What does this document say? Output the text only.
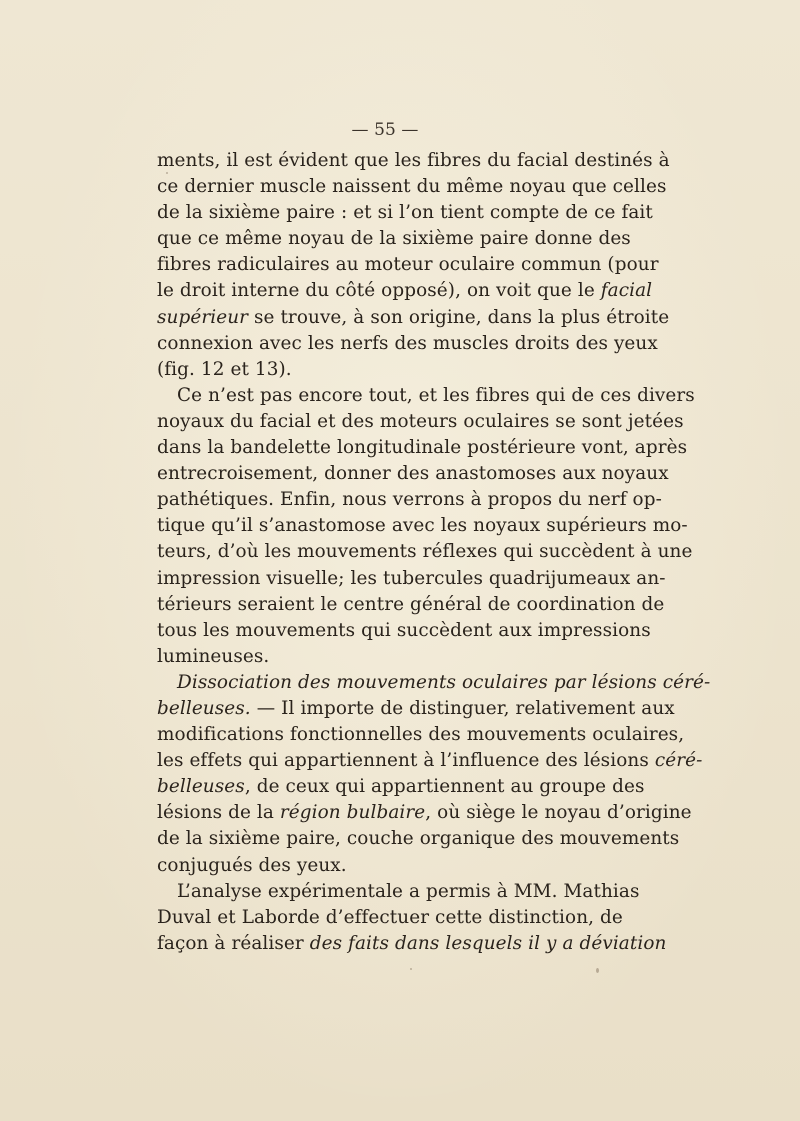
— 55 —
ments, il est évident que les fibres du facial destinés à
ce dernier muscle naissent du même noyau que celles
de la sixième paire : et si l’on tient compte de ce fait
que ce même noyau de la sixième paire donne des
fibres radiculaires au moteur oculaire commun (pour
le droit interne du côté opposé), on voit que le facial
supérieur se trouve, à son origine, dans la plus étroite
connexion avec les nerfs des muscles droits des yeux
(fig. 12 et 13).
Ce n’est pas encore tout, et les fibres qui de ces divers
noyaux du facial et des moteurs oculaires se sont jetées
dans la bandelette longitudinale postérieure vont, après
entrecroisement, donner des anastomoses aux noyaux
pathétiques. Enfin, nous verrons à propos du nerf op-
tique qu’il s’anastomose avec les noyaux supérieurs mo-
teurs, d’où les mouvements réflexes qui succèdent à une
impression visuelle; les tubercules quadrijumeaux an-
térieurs seraient le centre général de coordination de
tous les mouvements qui succèdent aux impressions
lumineuses.
Dissociation des mouvements oculaires par lésions céré-
belleuses. — Il importe de distinguer, relativement aux
modifications fonctionnelles des mouvements oculaires,
les effets qui appartiennent à l’influence des lésions céré-
belleuses, de ceux qui appartiennent au groupe des
lésions de la région bulbaire, où siège le noyau d’origine
de la sixième paire, couche organique des mouvements
conjugués des yeux.
L’analyse expérimentale a permis à MM. Mathias
Duval et Laborde d’effectuer cette distinction, de
façon à réaliser des faits dans lesquels il y a déviation
